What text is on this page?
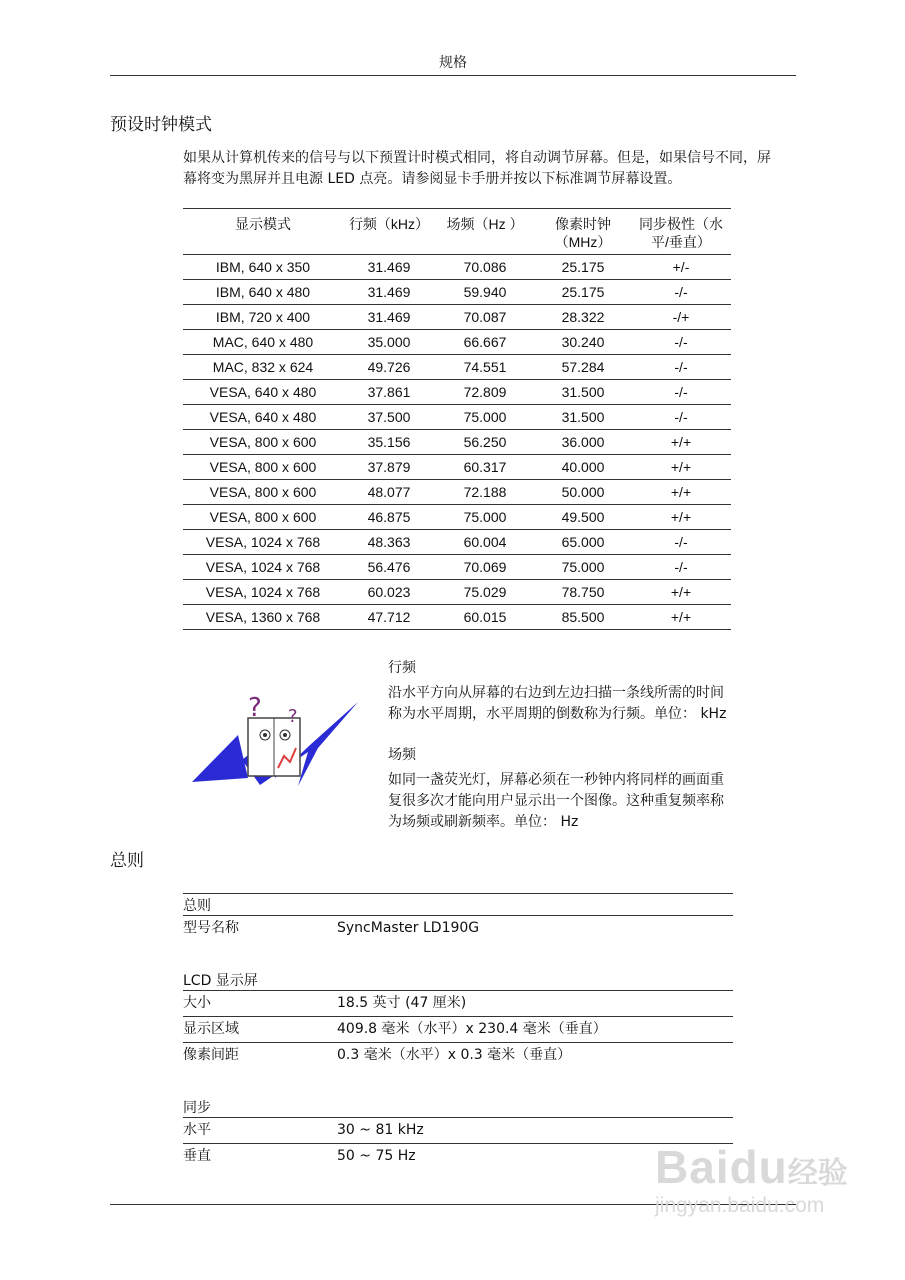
规格
预设时钟模式
如果从计算机传来的信号与以下预置计时模式相同，将自动调节屏幕。但是，如果信号不同，屏幕将变为黑屏并且电源 LED 点亮。请参阅显卡手册并按以下标准调节屏幕设置。
显示模式	行频（kHz）	场频（Hz ）	像素时钟（MHz）	同步极性（水平/垂直）
IBM, 640 x 350	31.469	70.086	25.175	+/-
IBM, 640 x 480	31.469	59.940	25.175	-/-
IBM, 720 x 400	31.469	70.087	28.322	-/+
MAC, 640 x 480	35.000	66.667	30.240	-/-
MAC, 832 x 624	49.726	74.551	57.284	-/-
VESA, 640 x 480	37.861	72.809	31.500	-/-
VESA, 640 x 480	37.500	75.000	31.500	-/-
VESA, 800 x 600	35.156	56.250	36.000	+/+
VESA, 800 x 600	37.879	60.317	40.000	+/+
VESA, 800 x 600	48.077	72.188	50.000	+/+
VESA, 800 x 600	46.875	75.000	49.500	+/+
VESA, 1024 x 768	48.363	60.004	65.000	-/-
VESA, 1024 x 768	56.476	70.069	75.000	-/-
VESA, 1024 x 768	60.023	75.029	78.750	+/+
VESA, 1360 x 768	47.712	60.015	85.500	+/+
? ?
行频
沿水平方向从屏幕的右边到左边扫描一条线所需的时间称为水平周期，水平周期的倒数称为行频。单位： kHz
场频
如同一盏荧光灯，屏幕必须在一秒钟内将同样的画面重复很多次才能向用户显示出一个图像。这种重复频率称为场频或刷新频率。单位： Hz
总则
总则
型号名称	SyncMaster LD190G
LCD 显示屏
大小	18.5 英寸 (47 厘米)
显示区域	409.8 毫米（水平）x 230.4 毫米（垂直）
像素间距	0.3 毫米（水平）x 0.3 毫米（垂直）
同步
水平	30 ~ 81 kHz
垂直	50 ~ 75 Hz	Baidu经验
jingyan.baidu.com
